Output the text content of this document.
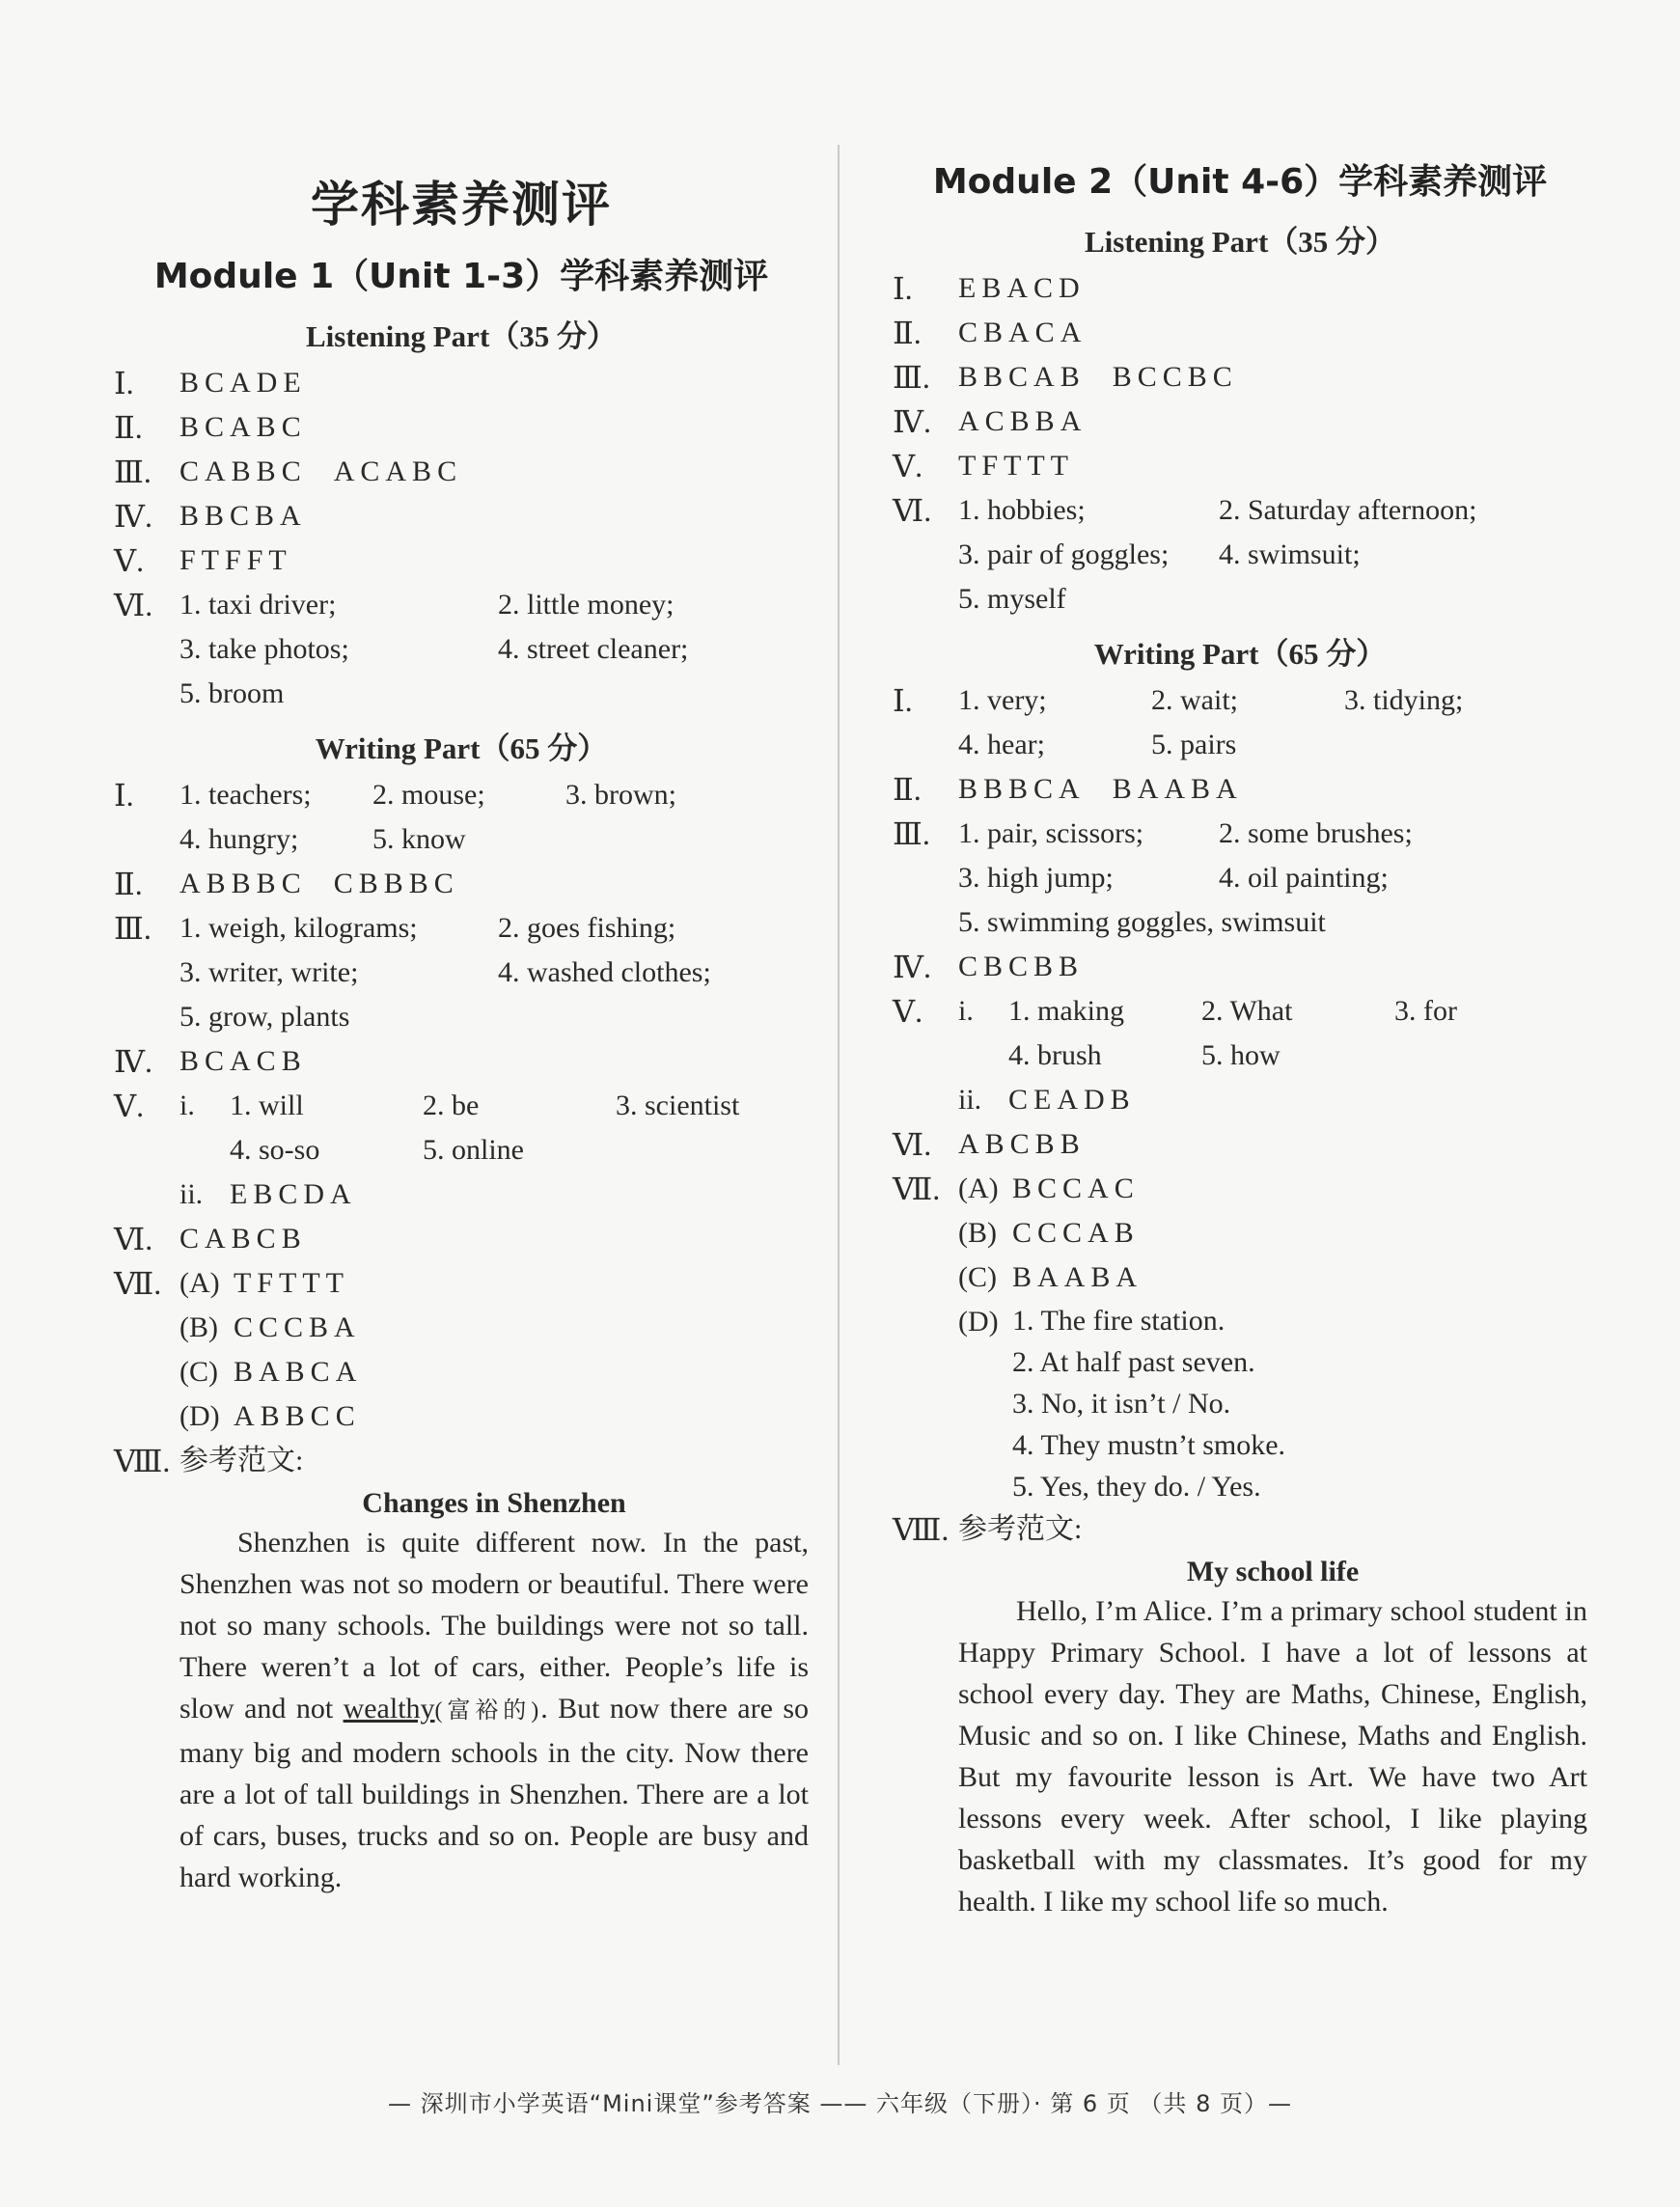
学科素养测评
Module 1（Unit 1-3）学科素养测评
Listening Part（35 分）
Ⅰ.	BCADE
Ⅱ.	BCABC
Ⅲ. CABBC ACABC
Ⅳ. BBCBA
Ⅴ.	FTFFT
Ⅵ. 1. taxi driver;	2. little money;
3. take photos;	4. street cleaner;
5. broom
Writing Part（65 分）
Ⅰ.	1. teachers;	2. mouse;	3. brown;
4. hungry;	5. know
Ⅱ.	ABBBC CBBBC
Ⅲ. 1. weigh, kilograms;	2. goes fishing;
3. writer, write;	4. washed clothes;
5. grow, plants
Ⅳ. BCACB
Ⅴ.	i.	1. will	2. be	3. scientist
4. so-so	5. online
ii. EBCDA
Ⅵ. CABCB
Ⅶ. (A) TFTTT
(B) CCCBA
(C) BABCA
(D) ABBCC
Ⅷ. 参考范文:
Changes in Shenzhen

Shenzhen is quite different now. In the past, Shenzhen was not so modern or beautiful. There were not so many schools. The buildings were not so tall. There weren’t a lot of cars, either. People’s life is slow and not wealthy(富裕的). But now there are so many big and modern schools in the city. Now there are a lot of tall buildings in Shenzhen. There are a lot of cars, buses, trucks and so on. People are busy and hard working.

Module 2（Unit 4-6）学科素养测评
Listening Part（35 分）
Ⅰ.	EBACD
Ⅱ.	CBACA
Ⅲ. BBCAB BCCBC
Ⅳ. ACBBA
Ⅴ.	TFTTT
Ⅵ. 1. hobbies;	2. Saturday afternoon;
3. pair of goggles;	4. swimsuit;
5. myself
Writing Part（65 分）
Ⅰ.	1. very;	2. wait;	3. tidying;
4. hear;	5. pairs
Ⅱ.	BBBCA BAABA
Ⅲ. 1. pair, scissors;	2. some brushes;
3. high jump;	4. oil painting;
5. swimming goggles, swimsuit
Ⅳ. CBCBB
Ⅴ.	i.	1. making	2. What	3. for
4. brush	5. how
ii. CEADB
Ⅵ. ABCBB
Ⅶ. (A) BCCAC
(B) CCCAB
(C) BAABA
(D) 1. The fire station.
2. At half past seven.
3. No, it isn’t / No.
4. They mustn’t smoke.
5. Yes, they do. / Yes.
Ⅷ. 参考范文:
My school life

Hello, I’m Alice. I’m a primary school student in Happy Primary School. I have a lot of lessons at school every day. They are Maths, Chinese, English, Music and so on. I like Chinese, Maths and English. But my favourite lesson is Art. We have two Art lessons every week. After school, I like playing basketball with my classmates. It’s good for my health. I like my school life so much.

— 深圳市小学英语“Mini课堂”参考答案 —— 六年级（下册）· 第 6 页 （共 8 页）—
